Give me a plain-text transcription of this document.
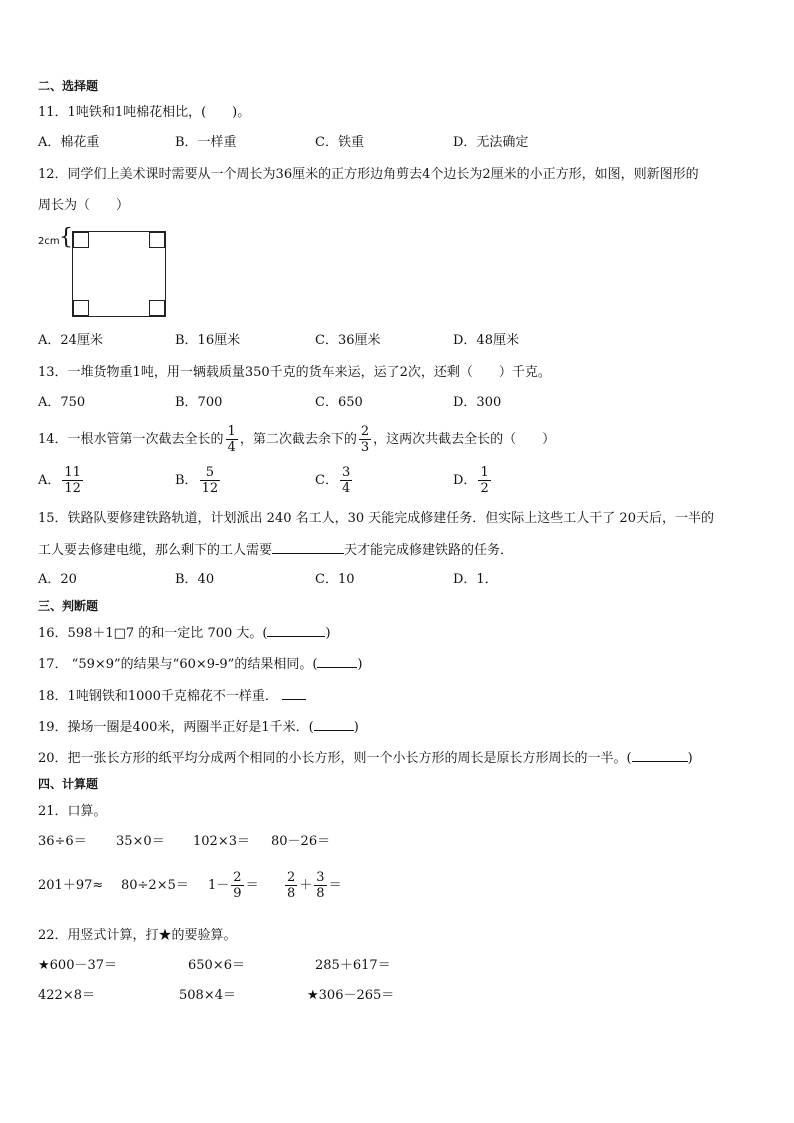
二、选择题
11．1吨铁和1吨棉花相比，(　　)。
A．棉花重	B．一样重	C．铁重	D．无法确定
12．同学们上美术课时需要从一个周长为36厘米的正方形边角剪去4个边长为2厘米的小正方形，如图，则新图形的
周长为（　　）
2cm {
A．24厘米	B．16厘米	C．36厘米	D．48厘米
13．一堆货物重1吨，用一辆载质量350千克的货车来运，运了2次，还剩（　　）千克。
A．750	B．700	C．650	D．300
14．一根水管第一次截去全长的 $\frac{1}{4}$ ，第二次截去余下的 $\frac{2}{3}$ ，这两次共截去全长的（　　）
A． $\frac{11}{12}$	B． $\frac{5}{12}$	C． $\frac{3}{4}$	D． $\frac{1}{2}$
15．铁路队要修建铁路轨道，计划派出 240 名工人，30 天能完成修建任务．但实际上这些工人干了 20天后，一半的
工人要去修建电缆，那么剩下的工人需要	天才能完成修建铁路的任务．
A．20	B．40	C．10	D．1．
三、判断题
16．598＋1□7 的和一定比 700 大。(	)
17． “59×9”的结果与“60×9-9”的结果相同。(	)
18．1吨钢铁和1000千克棉花不一样重．
19．操场一圈是400米，两圈半正好是1千米．(	)
20．把一张长方形的纸平均分成两个相同的小长方形，则一个小长方形的周长是原长方形周长的一半。(	)
四、计算题
21．口算。
36÷6＝ 35×0＝ 102×3＝ 80－26＝
$201+97\approx 80\div 2\times 5= 1- \frac{2}{9} = \frac{2}{8} + \frac{3}{8}$ ＝
22．用竖式计算，打★的要验算。
★600－37＝	650×6＝	285＋617＝
422×8＝	508×4＝	★306－265＝
